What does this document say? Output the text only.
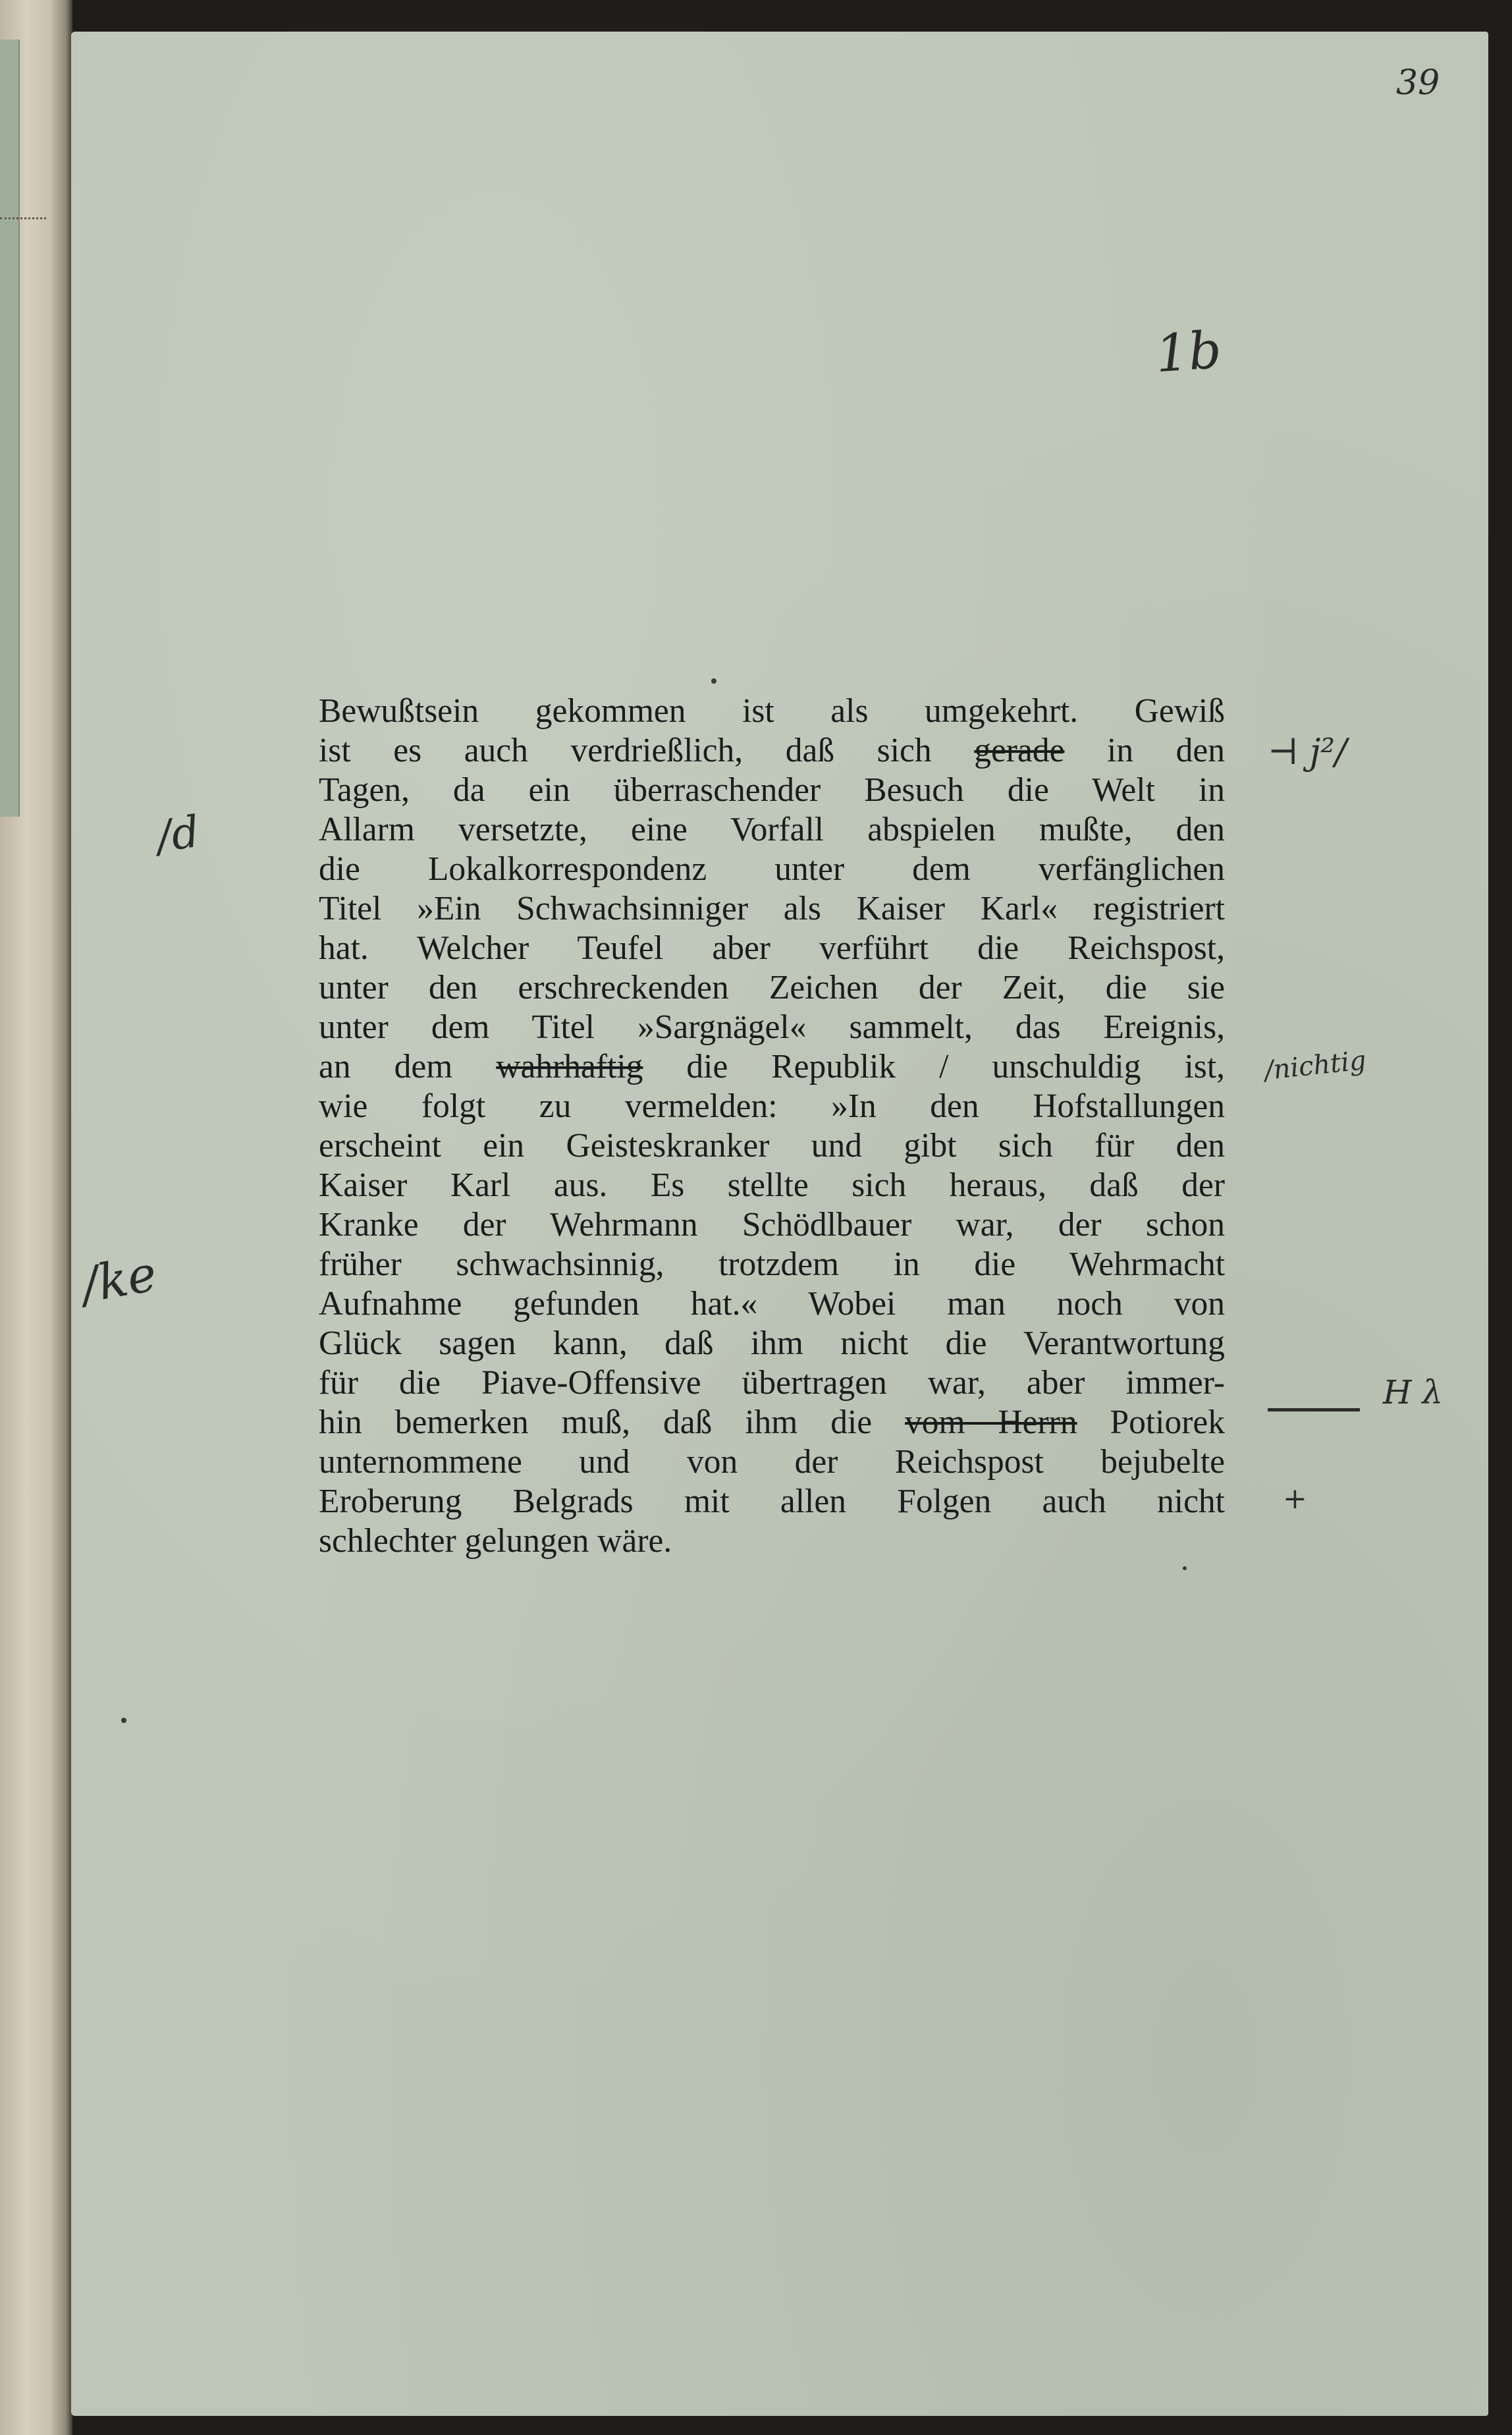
39
1b
/d
/ke
⊣ j²/
/nichtig
H λ
+
Bewußtsein gekommen ist als umgekehrt. Gewiß
ist es auch verdrießlich, daß sich gerade in den
Tagen, da ein überraschender Besuch die Welt in
Allarm versetzte, eine Vorfall abspielen mußte, den
die Lokalkorrespondenz unter dem verfänglichen
Titel »Ein Schwachsinniger als Kaiser Karl« registriert
hat. Welcher Teufel aber verführt die Reichspost,
unter den erschreckenden Zeichen der Zeit, die sie
unter dem Titel »Sargnägel« sammelt, das Ereignis,
an dem wahrhaftig die Republik / unschuldig ist,
wie folgt zu vermelden: »In den Hofstallungen
erscheint ein Geisteskranker und gibt sich für den
Kaiser Karl aus. Es stellte sich heraus, daß der
Kranke der Wehrmann Schödlbauer war, der schon
früher schwachsinnig, trotzdem in die Wehrmacht
Aufnahme gefunden hat.« Wobei man noch von
Glück sagen kann, daß ihm nicht die Verantwortung
für die Piave-Offensive übertragen war, aber immer-
hin bemerken muß, daß ihm die vom Herrn Potiorek
unternommene und von der Reichspost bejubelte
Eroberung Belgrads mit allen Folgen auch nicht
schlechter gelungen wäre.
